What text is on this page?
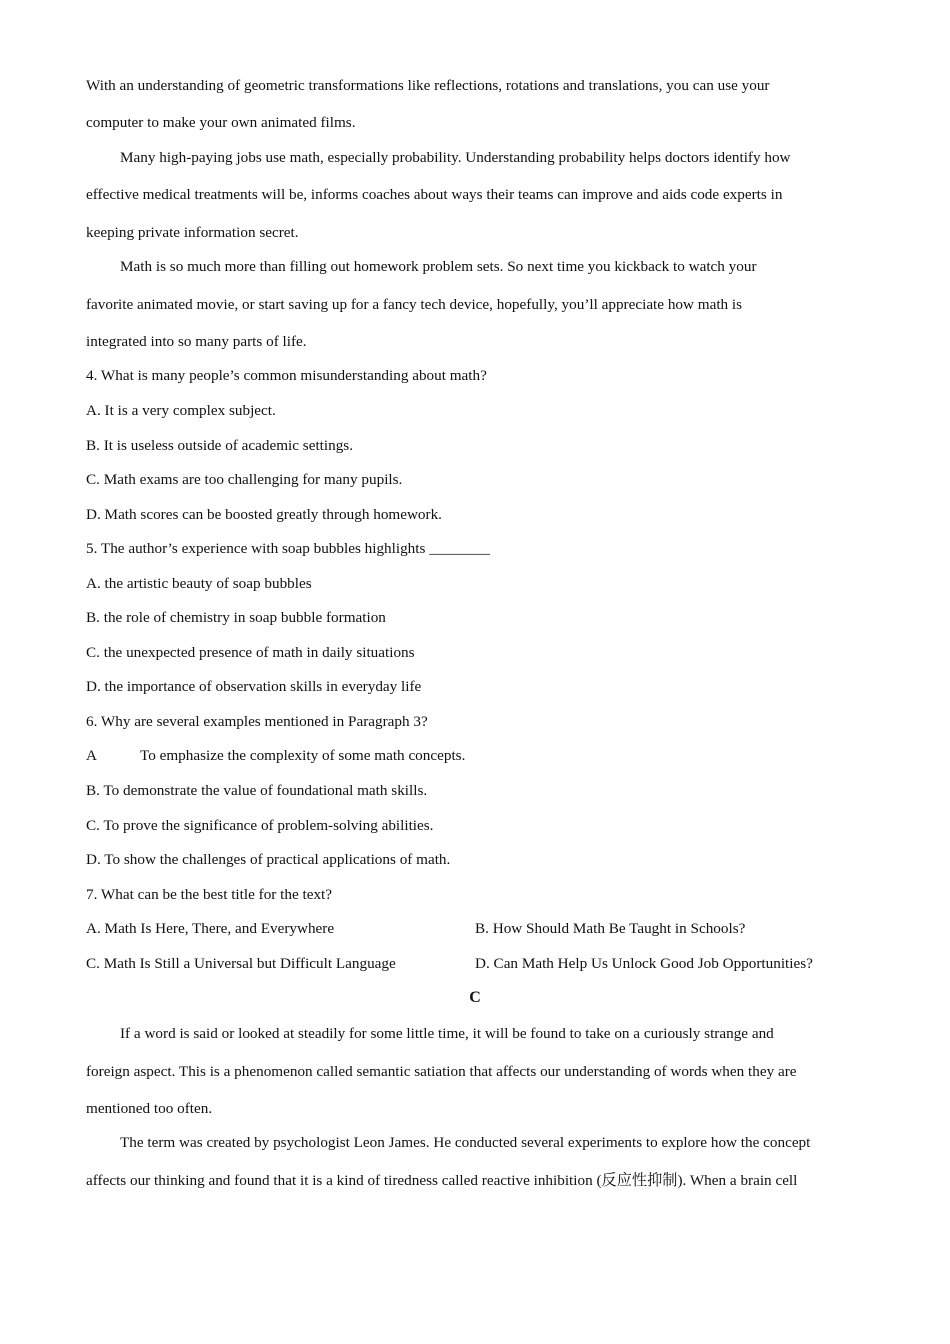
With an understanding of geometric transformations like reflections, rotations and translations, you can use your
computer to make your own animated films.
Many high-paying jobs use math, especially probability. Understanding probability helps doctors identify how
effective medical treatments will be, informs coaches about ways their teams can improve and aids code experts in
keeping private information secret.
Math is so much more than filling out homework problem sets. So next time you kickback to watch your
favorite animated movie, or start saving up for a fancy tech device, hopefully, you’ll appreciate how math is
integrated into so many parts of life.
4. What is many people’s common misunderstanding about math?
A. It is a very complex subject.
B. It is useless outside of academic settings.
C. Math exams are too challenging for many pupils.
D. Math scores can be boosted greatly through homework.
5. The author’s experience with soap bubbles highlights ________
A. the artistic beauty of soap bubbles
B. the role of chemistry in soap bubble formation
C. the unexpected presence of math in daily situations
D. the importance of observation skills in everyday life
6. Why are several examples mentioned in Paragraph 3?
A	To emphasize the complexity of some math concepts.
B. To demonstrate the value of foundational math skills.
C. To prove the significance of problem-solving abilities.
D. To show the challenges of practical applications of math.
7. What can be the best title for the text?
A. Math Is Here, There, and Everywhere	B. How Should Math Be Taught in Schools?
C. Math Is Still a Universal but Difficult Language	D. Can Math Help Us Unlock Good Job Opportunities?
C
If a word is said or looked at steadily for some little time, it will be found to take on a curiously strange and
foreign aspect. This is a phenomenon called semantic satiation that affects our understanding of words when they are
mentioned too often.
The term was created by psychologist Leon James. He conducted several experiments to explore how the concept
affects our thinking and found that it is a kind of tiredness called reactive inhibition (反应性抑制). When a brain cell
